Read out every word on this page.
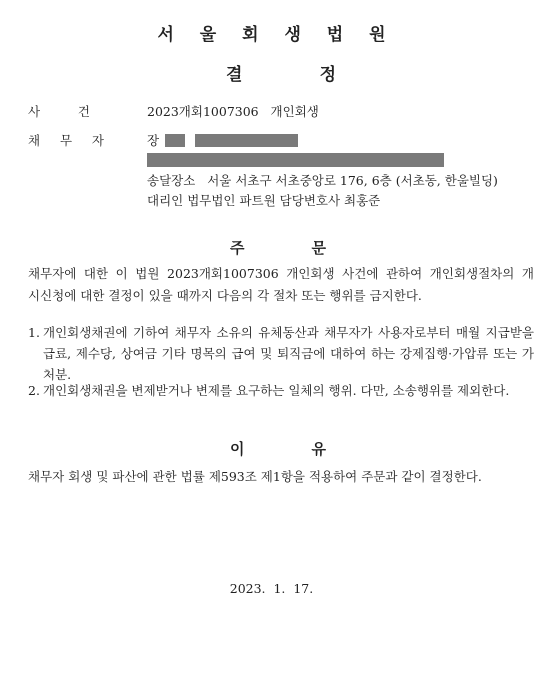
서 울 회 생 법 원
결	정
사	건	2023개회1007306   개인회생
채 무 자	장
송달장소   서울 서초구 서초중앙로 176, 6층 (서초동, 한울빌딩)
대리인 법무법인 파트원 담당변호사 최홍준
주	문
채무자에 대한 이 법원 2023개회1007306 개인회생 사건에 관하여 개인회생절차의 개
시신청에 대한 결정이 있을 때까지 다음의 각 절차 또는 행위를 금지한다.
1. 개인회생채권에 기하여 채무자 소유의 유체동산과 채무자가 사용자로부터 매월 지급받을 급료, 제수당, 상여금 기타 명목의 급여 및 퇴직금에 대하여 하는 강제집행·가압류 또는 가처분.
2. 개인회생채권을 변제받거나 변제를 요구하는 일체의 행위. 다만, 소송행위를 제외한다.
이	유
채무자 회생 및 파산에 관한 법률 제593조 제1항을 적용하여 주문과 같이 결정한다.
2023.  1.  17.
